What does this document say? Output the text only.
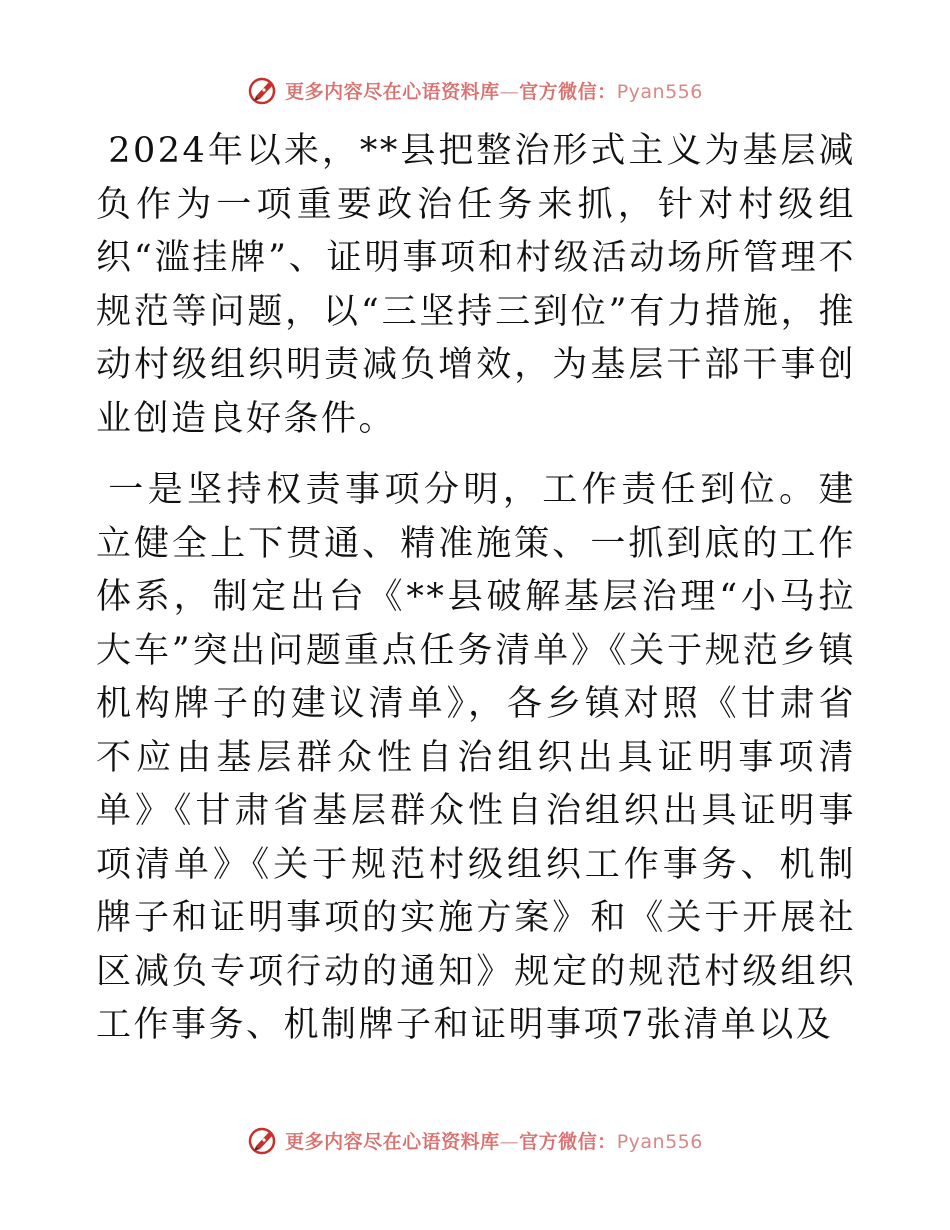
更多内容尽在心语资料库—官方微信：Pyan556

2024年以来，**县把整治形式主义为基层减负作为一项重要政治任务来抓，针对村级组织“滥挂牌”、证明事项和村级活动场所管理不规范等问题，以“三坚持三到位”有力措施，推动村级组织明责减负增效，为基层干部干事创业创造良好条件。

一是坚持权责事项分明，工作责任到位。建立健全上下贯通、精准施策、一抓到底的工作体系，制定出台《**县破解基层治理“小马拉大车”突出问题重点任务清单》《关于规范乡镇机构牌子的建议清单》，各乡镇对照《甘肃省不应由基层群众性自治组织出具证明事项清单》《甘肃省基层群众性自治组织出具证明事项清单》《关于规范村级组织工作事务、机制牌子和证明事项的实施方案》和《关于开展社区减负专项行动的通知》规定的规范村级组织工作事务、机制牌子和证明事项7张清单以及

更多内容尽在心语资料库—官方微信：Pyan556
